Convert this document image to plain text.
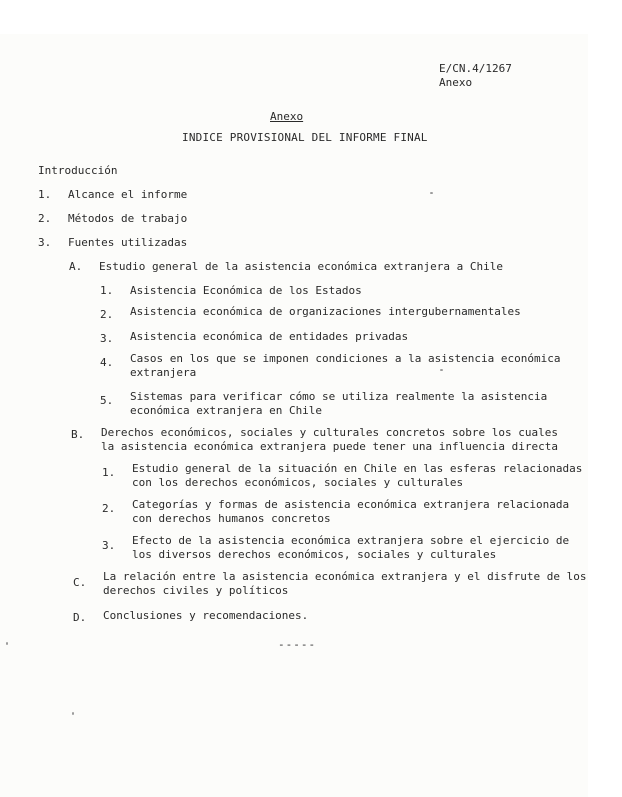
E/CN.4/1267
Anexo
Anexo
INDICE PROVISIONAL DEL INFORME FINAL
Introducción
1. Alcance el informe
2. Métodos de trabajo
3. Fuentes utilizadas
A. Estudio general de la asistencia económica extranjera a Chile
1. Asistencia Económica de los Estados
2. Asistencia económica de organizaciones intergubernamentales
3. Asistencia económica de entidades privadas
4. Casos en los que se imponen condiciones a la asistencia económica
extranjera
5. Sistemas para verificar cómo se utiliza realmente la asistencia
económica extranjera en Chile
B. Derechos económicos, sociales y culturales concretos sobre los cuales
la asistencia económica extranjera puede tener una influencia directa
1. Estudio general de la situación en Chile en las esferas relacionadas
con los derechos económicos, sociales y culturales
2. Categorías y formas de asistencia económica extranjera relacionada
con derechos humanos concretos
3. Efecto de la asistencia económica extranjera sobre el ejercicio de
los diversos derechos económicos, sociales y culturales
C. La relación entre la asistencia económica extranjera y el disfrute de los
derechos civiles y políticos
D. Conclusiones y recomendaciones.
-----
